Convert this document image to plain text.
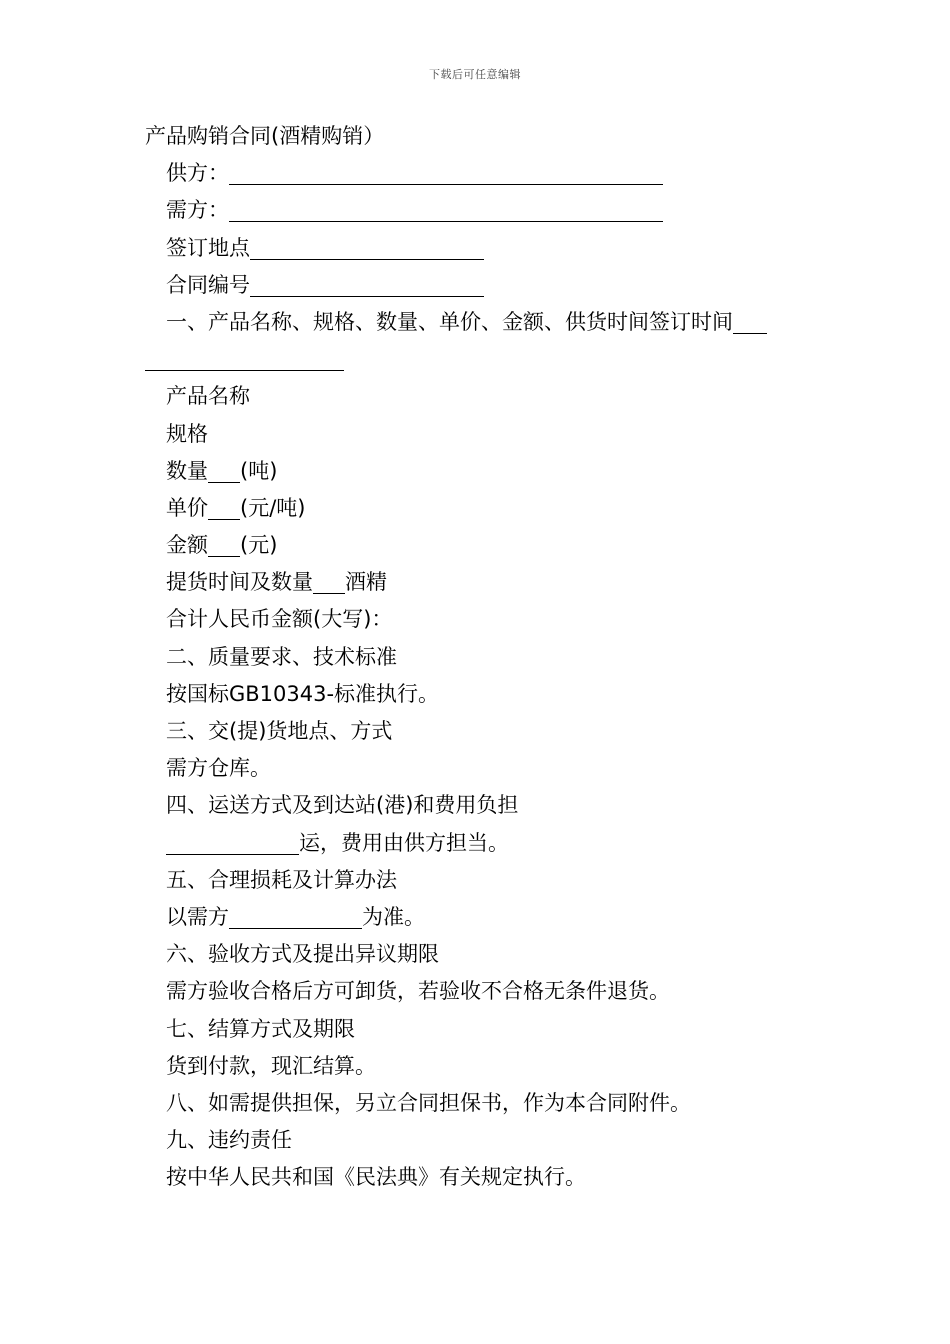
下载后可任意编辑
产品购销合同(酒精购销）
供方：
需方：
签订地点
合同编号
一、产品名称、规格、数量、单价、金额、供货时间签订时间
产品名称
规格
数量 (吨)
单价 (元/吨)
金额 (元)
提货时间及数量 酒精
合计人民币金额(大写)：
二、质量要求、技术标准
按国标GB10343-标准执行。
三、交(提)货地点、方式
需方仓库。
四、运送方式及到达站(港)和费用负担
运，费用由供方担当。
五、合理损耗及计算办法
以需方	为准。
六、验收方式及提出异议期限
需方验收合格后方可卸货，若验收不合格无条件退货。
七、结算方式及期限
货到付款，现汇结算。
八、如需提供担保，另立合同担保书，作为本合同附件。
九、违约责任
按中华人民共和国《民法典》有关规定执行。
